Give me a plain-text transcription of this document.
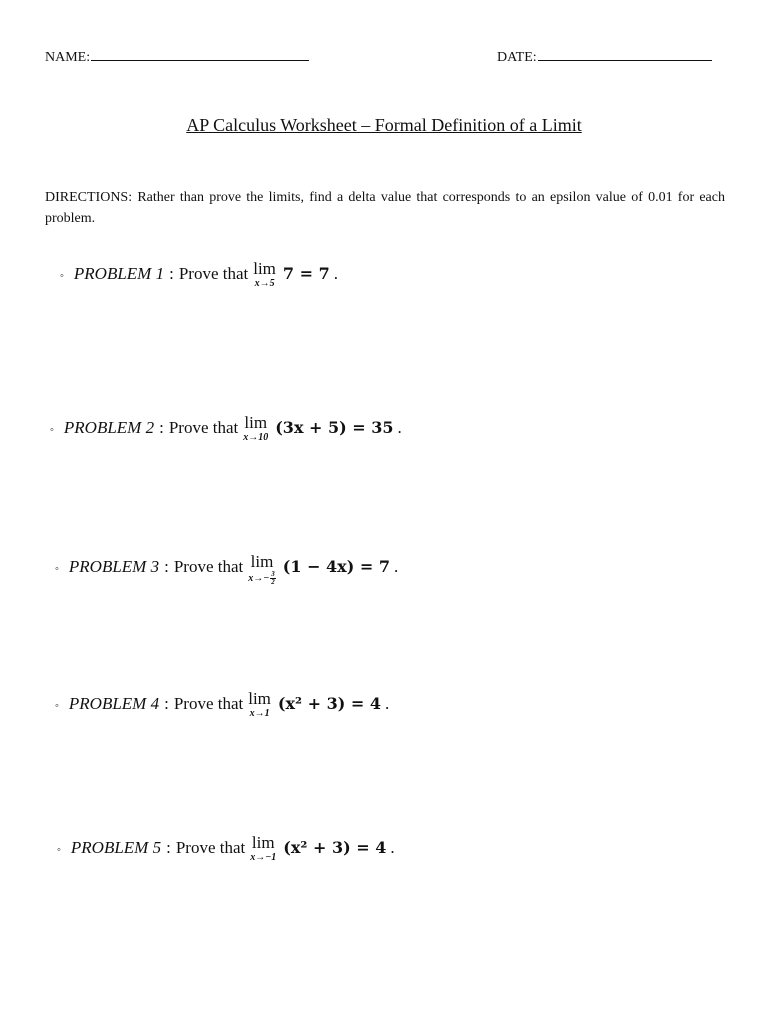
NAME:	DATE:
AP Calculus Worksheet – Formal Definition of a Limit
DIRECTIONS: Rather than prove the limits, find a delta value that corresponds to an epsilon value of 0.01 for each problem.
◦ PROBLEM 1 : Prove that lim
x→5
7 = 7 .
◦ PROBLEM 2 : Prove that lim
x→10
(3x + 5) = 35 .
◦ PROBLEM 3 : Prove that lim
$x\to- \frac{3}{2}$
(1 − 4x) = 7 .
◦ PROBLEM 4 : Prove that lim
x→1
(x² + 3) = 4 .
◦ PROBLEM 5 : Prove that lim
x→−1
(x² + 3) = 4 .
